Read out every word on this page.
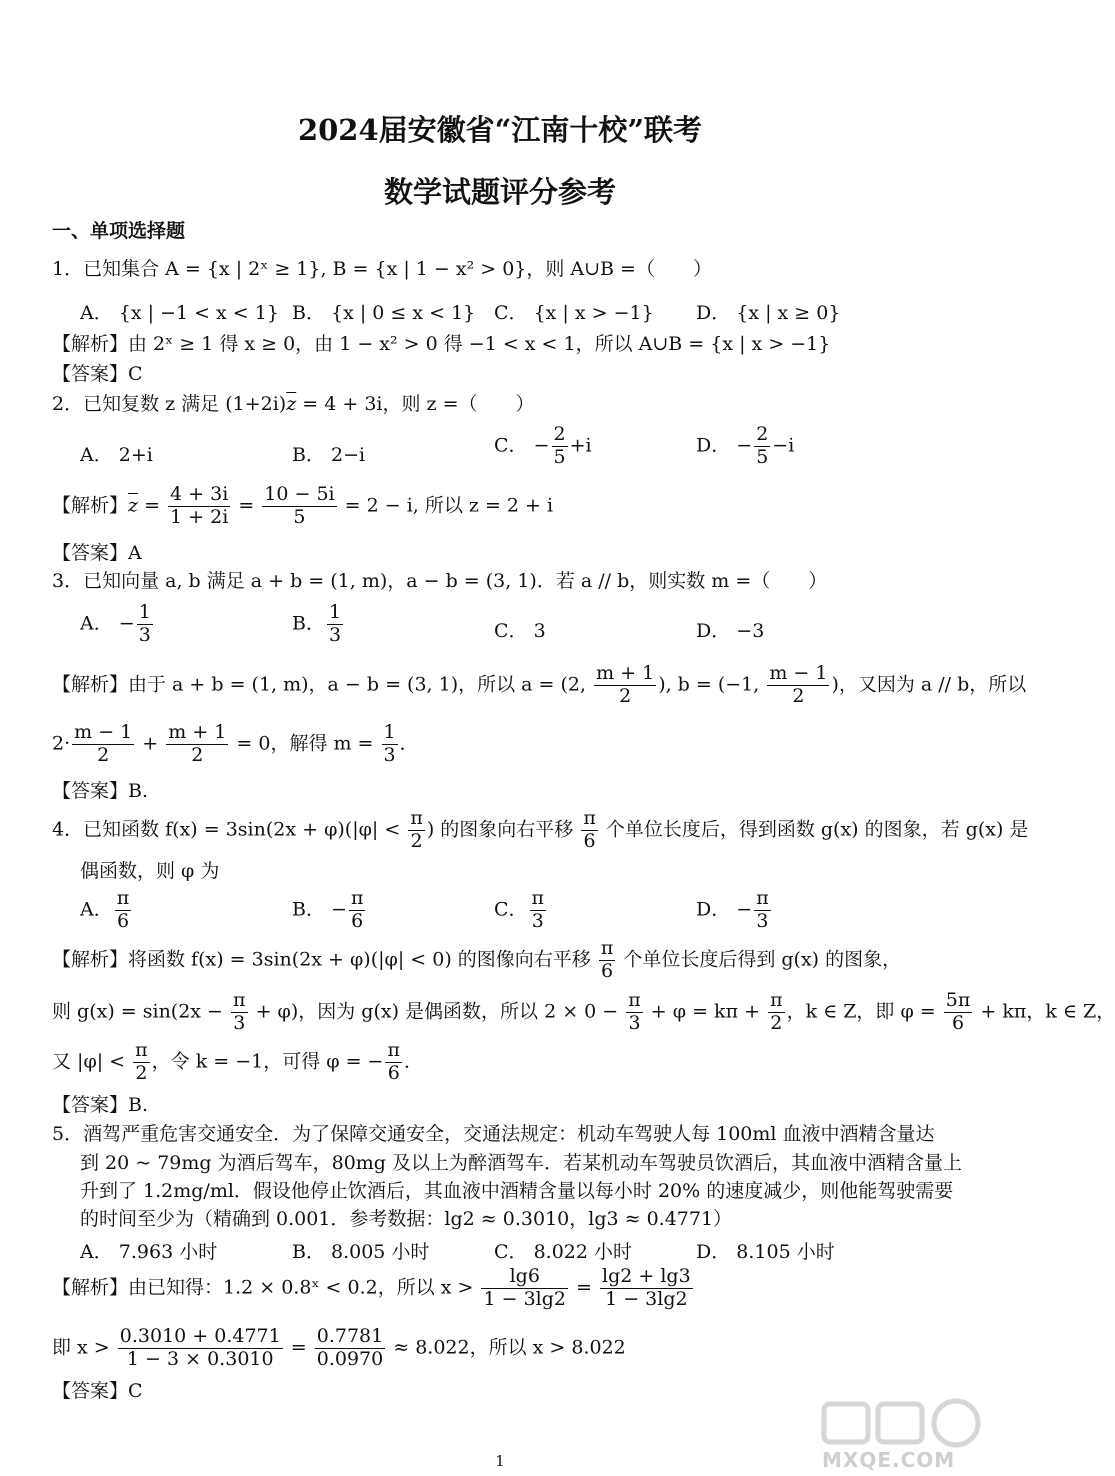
2024届安徽省“江南十校”联考
数学试题评分参考
一、单项选择题
1．已知集合 A = {x | 2ˣ ≥ 1}, B = {x | 1 − x² > 0}，则 A∪B =（　　）
A． {x | −1 < x < 1} B． {x | 0 ≤ x < 1} C． {x | x > −1} D． {x | x ≥ 0}
【解析】由 2ˣ ≥ 1 得 x ≥ 0，由 1 − x² > 0 得 −1 < x < 1，所以 A∪B = {x | x > −1}
【答案】C
2．已知复数 z 满足 $(1+2i)\overline{z} = 4 + 3i$，则 z =（　　）
A． 2+i	B． 2−i	C． − $\frac{2}{5} +i$	D． − $\frac{2}{5} -i$
【解析】$\overline{z} = \frac{4 + 3i}{1 + 2i} = \frac{10 - 5i}{5} = 2 - i$, 所以 z = 2 + i
【答案】A
3．已知向量 a, b 满足 a + b = (1, m)，a − b = (3, 1)．若 a // b，则实数 m =（　　）
A． − $\frac{1}{3}$	B． $\frac{1}{3}$	C． 3	D． −3
【解析】由于 a + b = (1, m)，a − b = (3, 1)，所以 a = (2, $\frac{m + 1}{2}$ ), b = (−1, $\frac{m - 1}{2}$ )，又因为 a // b，所以
$2\cdot \frac{m - 1}{2} + \frac{m + 1}{2} = 0$，解得 $m = \frac{1}{3}$ ．
【答案】B.
4．已知函数 $f(x) = 3\sin(2x + \varphi)(|\varphi| < \frac{\pi}{2}$ ) 的图象向右平移 $\frac{\pi}{6}$ 个单位长度后，得到函数 g(x) 的图象，若 g(x) 是
偶函数，则 φ 为
A． $\frac{\pi}{6}$	B． − $\frac{\pi}{6}$	C． $\frac{\pi}{3}$	D． − $\frac{\pi}{3}$
【解析】将函数 f(x) = 3sin(2x + φ)(|φ| < 0) 的图像向右平移 $\frac{\pi}{6}$ 个单位长度后得到 g(x) 的图象，
则 $g(x) = \sin(2x - \frac{\pi}{3} + \varphi)$，因为 g(x) 是偶函数，所以 $2 \times 0 - \frac{\pi}{3} + \varphi = k\pi + \frac{\pi}{2}$ ，k ∈ Z，即 $\varphi = \frac{5\pi}{6} + k\pi$，k ∈ Z，
又 $|\varphi| < \frac{\pi}{2}$ ，令 k = −1，可得 φ = − $\frac{\pi}{6}$ ．
【答案】B.
5．酒驾严重危害交通安全．为了保障交通安全，交通法规定：机动车驾驶人每 100ml 血液中酒精含量达
到 20 ~ 79mg 为酒后驾车，80mg 及以上为醉酒驾车．若某机动车驾驶员饮酒后，其血液中酒精含量上
升到了 1.2mg/ml．假设他停止饮酒后，其血液中酒精含量以每小时 20% 的速度减少，则他能驾驶需要
的时间至少为（精确到 0.001．参考数据：lg2 ≈ 0.3010，lg3 ≈ 0.4771）
A． 7.963 小时	B． 8.005 小时	C． 8.022 小时	D． 8.105 小时
【解析】由已知得：1.2 × 0.8ˣ < 0.2，所以 $x > \frac{\lg 6}{1 - 3\lg 2} = \frac{\lg 2 + \lg 3}{1 - 3\lg 2}$
即 $x > \frac{0.3010 + 0.4771}{1 - 3 \times 0.3010} = \frac{0.7781}{0.0970} \approx 8.022$，所以 x > 8.022
【答案】C
1	MXQE.COM
